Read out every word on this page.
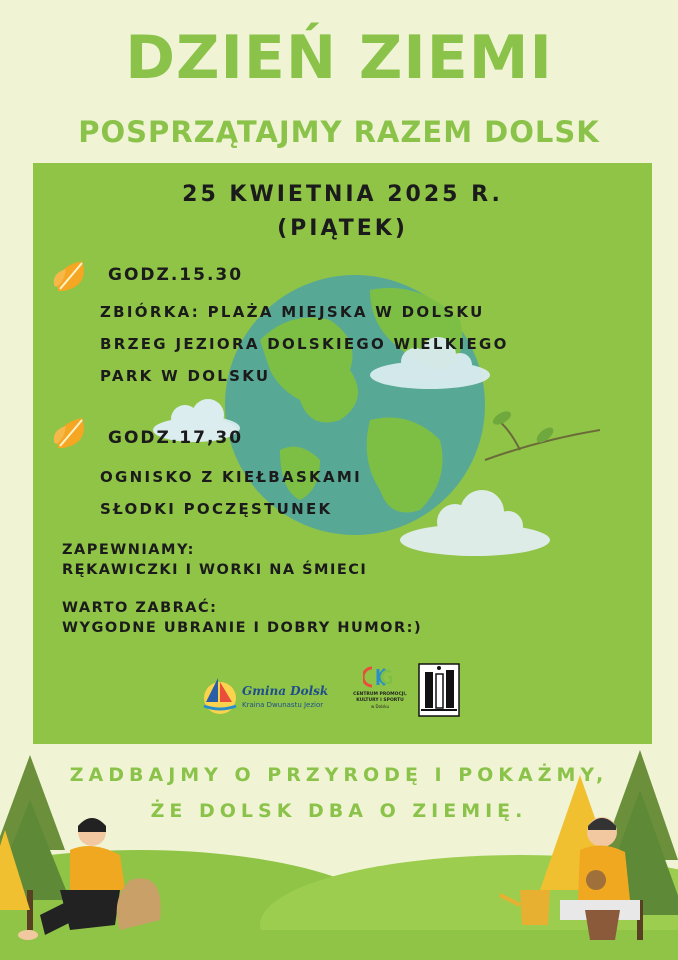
DZIEŃ ZIEMI
POSPRZĄTAJMY RAZEM DOLSK
25 KWIETNIA 2025 R.
(PIĄTEK)
GODZ.15.30
ZBIÓRKA: PLAŻA MIEJSKA W DOLSKU
BRZEG JEZIORA DOLSKIEGO WIELKIEGO
PARK W DOLSKU
GODZ.17,30
OGNISKO Z KIEŁBASKAMI
SŁODKI POCZĘSTUNEK
ZAPEWNIAMY:
RĘKAWICZKI I WORKI NA ŚMIECI
WARTO ZABRAĆ:
WYGODNE UBRANIE I DOBRY HUMOR:)
Gmina Dolsk
Kraina Dwunastu Jezior
CENTRUM PROMOCJI,
KULTURY I SPORTU
w Dolsku
ZADBAJMY O PRZYRODĘ I POKAŻMY,
ŻE DOLSK DBA O ZIEMIĘ.
